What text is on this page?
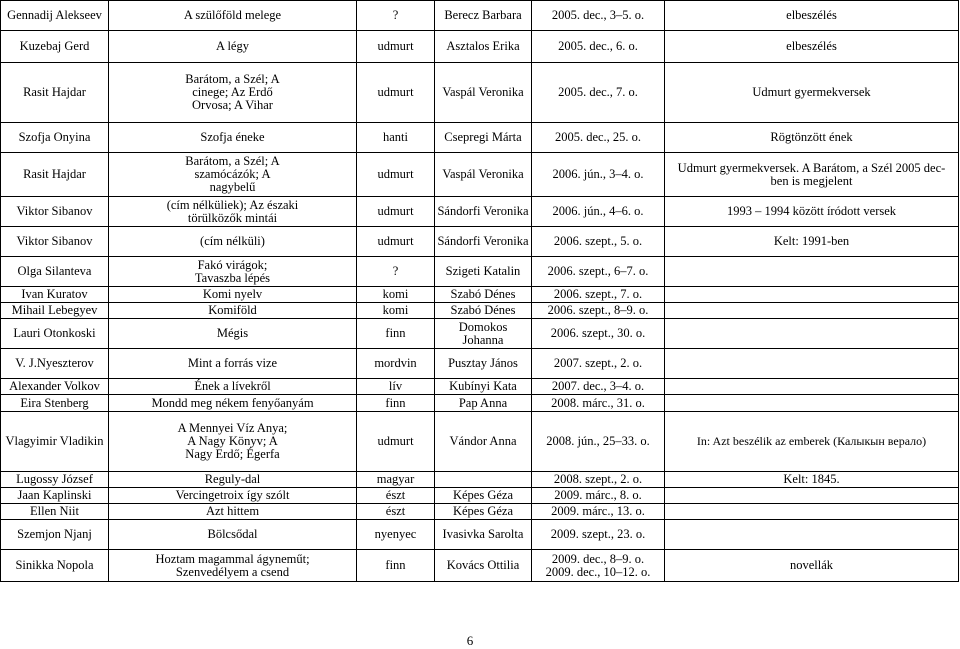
Gennadij Alekseev	A szülőföld melege	?	Berecz Barbara	2005. dec., 3–5. o.	elbeszélés
Kuzebaj Gerd	A légy	udmurt	Asztalos Erika	2005. dec., 6. o.	elbeszélés
Rasit Hajdar	Barátom, a Szél; A cinege; Az Erdő Orvosa; A Vihar	udmurt	Vaspál Veronika	2005. dec., 7. o.	Udmurt gyermekversek
Szofja Onyina	Szofja éneke	hanti	Csepregi Márta	2005. dec., 25. o.	Rögtönzött ének
Rasit Hajdar	Barátom, a Szél; A szamócázók; A nagybelű	udmurt	Vaspál Veronika	2006. jún., 3–4. o.	Udmurt gyermekversek. A Barátom, a Szél 2005 dec-ben is megjelent
Viktor Sibanov	(cím nélküliek); Az északi törülközők mintái	udmurt	Sándorfi Veronika	2006. jún., 4–6. o.	1993 – 1994 között íródott versek
Viktor Sibanov	(cím nélküli)	udmurt	Sándorfi Veronika	2006. szept., 5. o.	Kelt: 1991-ben
Olga Silanteva	Fakó virágok; Tavaszba lépés	?	Szigeti Katalin	2006. szept., 6–7. o.	
Ivan Kuratov	Komi nyelv	komi	Szabó Dénes	2006. szept., 7. o.	
Mihail Lebegyev	Komiföld	komi	Szabó Dénes	2006. szept., 8–9. o.	
Lauri Otonkoski	Mégis	finn	Domokos Johanna	2006. szept., 30. o.	
V. J.Nyeszterov	Mint a forrás vize	mordvin	Pusztay János	2007. szept., 2. o.	
Alexander Volkov	Ének a lívekről	lív	Kubínyi Kata	2007. dec., 3–4. o.	
Eira Stenberg	Mondd meg nékem fenyőanyám	finn	Pap Anna	2008. márc., 31. o.	
Vlagyimir Vladikin	A Mennyei Víz Anya; A Nagy Könyv; A Nagy Erdő; Égerfa	udmurt	Vándor Anna	2008. jún., 25–33. o.	In: Azt beszélik az emberek (Калыкын верало)
Lugossy József	Reguly-dal	magyar		2008. szept., 2. o.	Kelt: 1845.
Jaan Kaplinski	Vercingetroix így szólt	észt	Képes Géza	2009. márc., 8. o.	
Ellen Niit	Azt hittem	észt	Képes Géza	2009. márc., 13. o.	
Szemjon Njanj	Bölcsődal	nyenyec	Ivasivka Sarolta	2009. szept., 23. o.	
Sinikka Nopola	Hoztam magammal ágyneműt; Szenvedélyem a csend	finn	Kovács Ottilia	2009. dec., 8–9. o. 2009. dec., 10–12. o.	novellák
6
